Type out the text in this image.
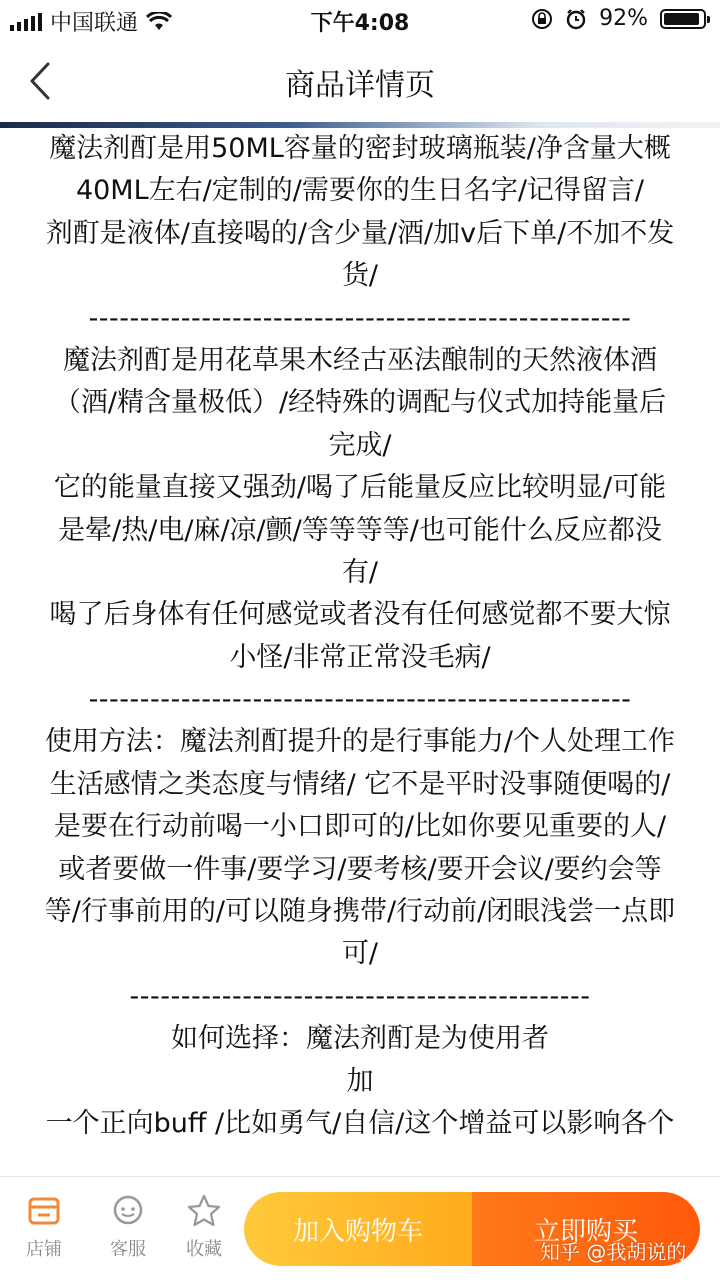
中国联通	下午4:08	92%
商品详情页
魔法剂酊是用50ML容量的密封玻璃瓶装/净含量大概
40ML左右/定制的/需要你的生日名字/记得留言/
剂酊是液体/直接喝的/含少量/酒/加v后下单/不加不发
货/
-----------------------------------------------------
魔法剂酊是用花草果木经古巫法酿制的天然液体酒
（酒/精含量极低）/经特殊的调配与仪式加持能量后
完成/
它的能量直接又强劲/喝了后能量反应比较明显/可能
是晕/热/电/麻/凉/颤/等等等等/也可能什么反应都没
有/
喝了后身体有任何感觉或者没有任何感觉都不要大惊
小怪/非常正常没毛病/
-----------------------------------------------------
使用方法：魔法剂酊提升的是行事能力/个人处理工作
生活感情之类态度与情绪/ 它不是平时没事随便喝的/
是要在行动前喝一小口即可的/比如你要见重要的人/
或者要做一件事/要学习/要考核/要开会议/要约会等
等/行事前用的/可以随身携带/行动前/闭眼浅尝一点即
可/
---------------------------------------------
如何选择：魔法剂酊是为使用者
加
一个正向buff /比如勇气/自信/这个增益可以影响各个
店铺	客服	收藏
加入购物车	立即购买
知乎 @我胡说的
